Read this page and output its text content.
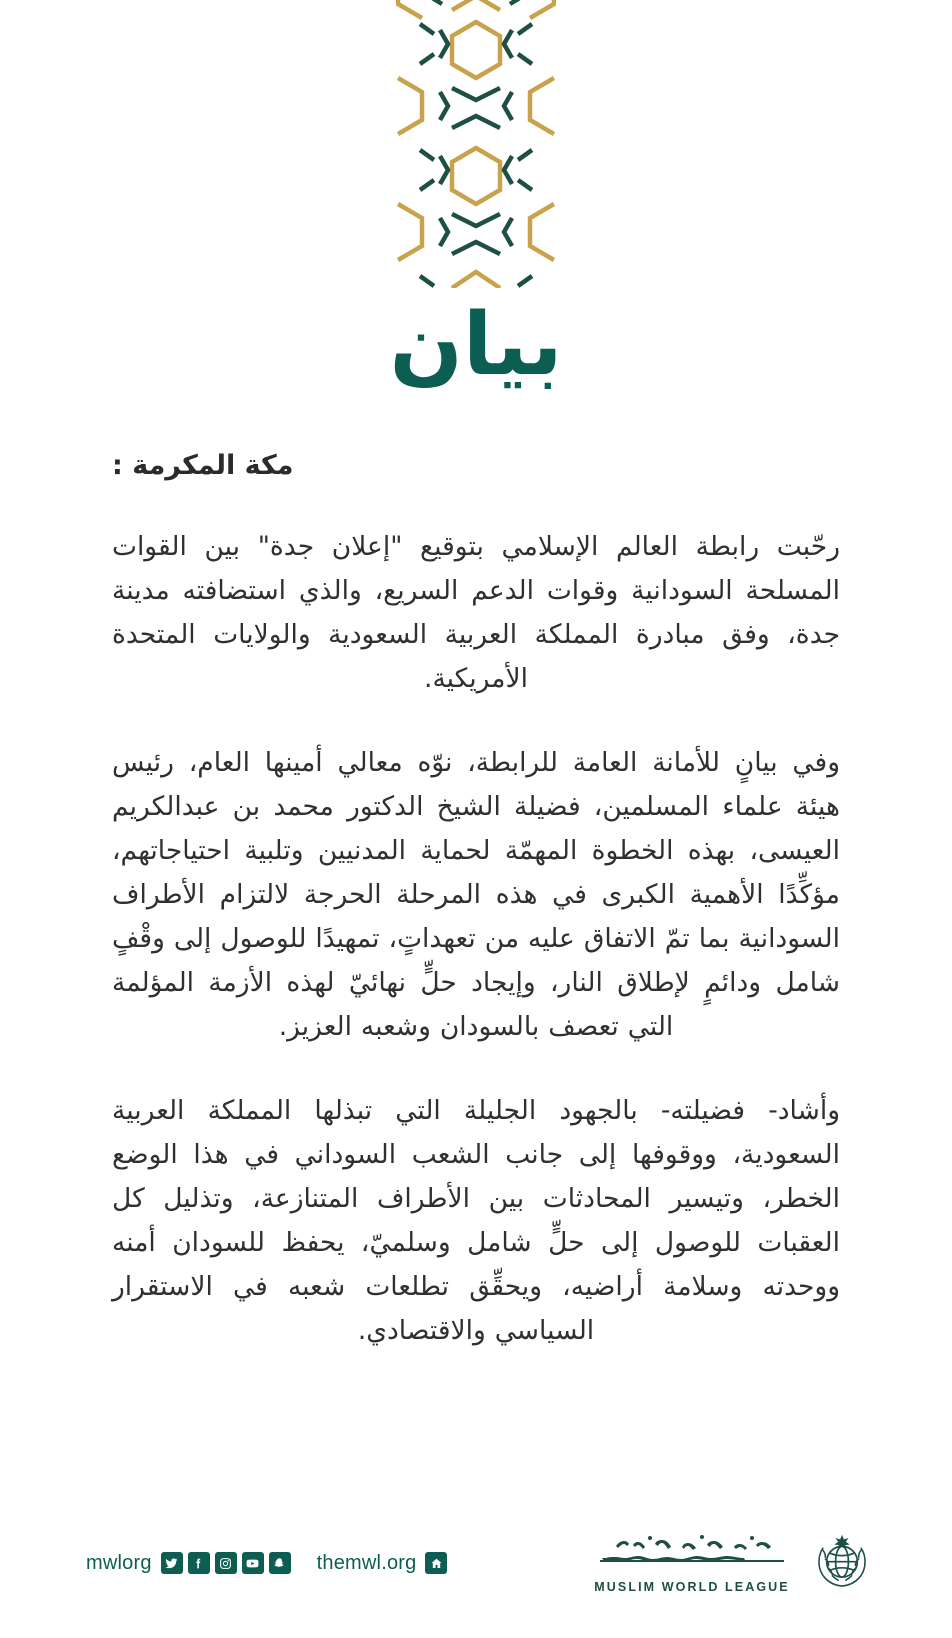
بيان
مكة المكرمة :

رحّبت رابطة العالم الإسلامي بتوقيع "إعلان جدة" بين القوات المسلحة السودانية وقوات الدعم السريع، والذي استضافته مدينة جدة، وفق مبادرة المملكة العربية السعودية والولايات المتحدة الأمريكية.

وفي بيانٍ للأمانة العامة للرابطة، نوّه معالي أمينها العام، رئيس هيئة علماء المسلمين، فضيلة الشيخ الدكتور محمد بن عبدالكريم العيسى، بهذه الخطوة المهمّة لحماية المدنيين وتلبية احتياجاتهم، مؤكِّدًا الأهمية الكبرى في هذه المرحلة الحرجة لالتزام الأطراف السودانية بما تمّ الاتفاق عليه من تعهداتٍ، تمهيدًا للوصول إلى وقْفٍ شامل ودائمٍ لإطلاق النار، وإيجاد حلٍّ نهائيّ لهذه الأزمة المؤلمة التي تعصف بالسودان وشعبه العزيز.

وأشاد- فضيلته- بالجهود الجليلة التي تبذلها المملكة العربية السعودية، ووقوفها إلى جانب الشعب السوداني في هذا الوضع الخطر، وتيسير المحادثات بين الأطراف المتنازعة، وتذليل كل العقبات للوصول إلى حلٍّ شامل وسلميّ، يحفظ للسودان أمنه ووحدته وسلامة أراضيه، ويحقِّق تطلعات شعبه في الاستقرار السياسي والاقتصادي.

mwlorg	themwl.org
MUSLIM WORLD LEAGUE
